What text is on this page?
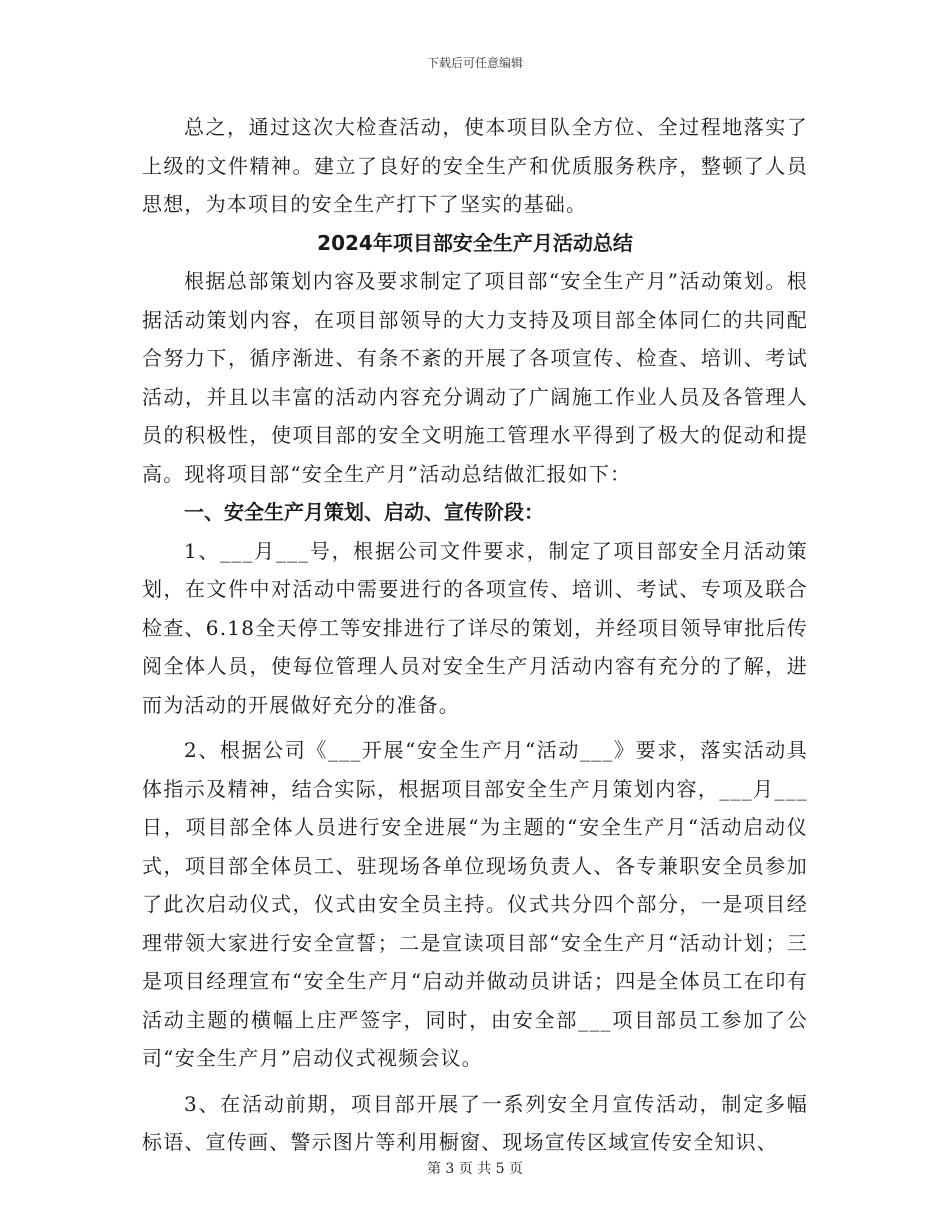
下载后可任意编辑

总之，通过这次大检查活动，使本项目队全方位、全过程地落实了上级的文件精神。建立了良好的安全生产和优质服务秩序，整顿了人员思想，为本项目的安全生产打下了坚实的基础。

2024年项目部安全生产月活动总结

根据总部策划内容及要求制定了项目部“安全生产月”活动策划。根据活动策划内容，在项目部领导的大力支持及项目部全体同仁的共同配合努力下，循序渐进、有条不紊的开展了各项宣传、检查、培训、考试活动，并且以丰富的活动内容充分调动了广阔施工作业人员及各管理人员的积极性，使项目部的安全文明施工管理水平得到了极大的促动和提高。现将项目部“安全生产月”活动总结做汇报如下：

一、安全生产月策划、启动、宣传阶段：

1、___月___号，根据公司文件要求，制定了项目部安全月活动策划，在文件中对活动中需要进行的各项宣传、培训、考试、专项及联合检查、6.18全天停工等安排进行了详尽的策划，并经项目领导审批后传阅全体人员，使每位管理人员对安全生产月活动内容有充分的了解，进而为活动的开展做好充分的准备。

2、根据公司《___开展“安全生产月“活动___》要求，落实活动具体指示及精神，结合实际，根据项目部安全生产月策划内容，___月___日，项目部全体人员进行安全进展“为主题的“安全生产月“活动启动仪式，项目部全体员工、驻现场各单位现场负责人、各专兼职安全员参加了此次启动仪式，仪式由安全员主持。仪式共分四个部分，一是项目经理带领大家进行安全宣誓；二是宣读项目部“安全生产月“活动计划；三是项目经理宣布“安全生产月“启动并做动员讲话；四是全体员工在印有活动主题的横幅上庄严签字，同时，由安全部___项目部员工参加了公司“安全生产月”启动仪式视频会议。

3、在活动前期，项目部开展了一系列安全月宣传活动，制定多幅标语、宣传画、警示图片等利用橱窗、现场宣传区域宣传安全知识、

第 3 页 共 5 页
